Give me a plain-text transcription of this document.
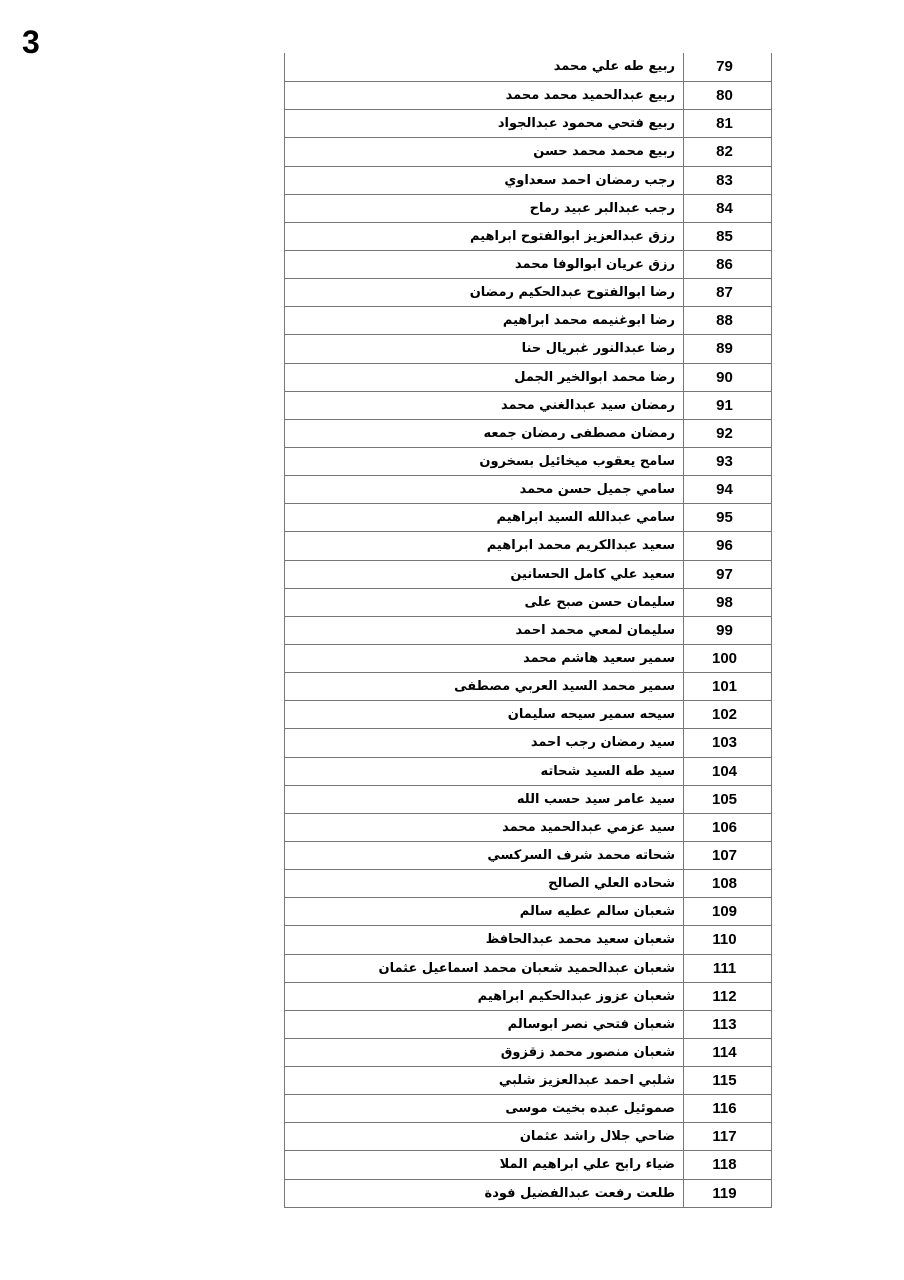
3
ربيع طه علي محمد	79
ربيع عبدالحميد محمد محمد	80
ربيع فتحي محمود عبدالجواد	81
ربيع محمد محمد حسن	82
رجب رمضان احمد سعداوي	83
رجب عبدالبر عبيد رماح	84
رزق عبدالعزيز ابوالفتوح ابراهيم	85
رزق عريان ابوالوفا محمد	86
رضا ابوالفتوح عبدالحكيم رمضان	87
رضا ابوغنيمه محمد ابراهيم	88
رضا عبدالنور غبريال حنا	89
رضا محمد ابوالخير الجمل	90
رمضان سيد عبدالغني محمد	91
رمضان مصطفى رمضان جمعه	92
سامح يعقوب ميخائيل بسخرون	93
سامي جميل حسن محمد	94
سامي عبدالله السيد ابراهيم	95
سعيد عبدالكريم محمد ابراهيم	96
سعيد علي كامل الحسانين	97
سليمان حسن صبح على	98
سليمان لمعي محمد احمد	99
سمير سعيد هاشم محمد	100
سمير محمد السيد العربي مصطفى	101
سيحه سمير سيحه سليمان	102
سيد رمضان رجب احمد	103
سيد طه السيد شحاته	104
سيد عامر سيد حسب الله	105
سيد عزمي عبدالحميد محمد	106
شحاته محمد شرف السركسي	107
شحاده العلي الصالح	108
شعبان سالم عطيه سالم	109
شعبان سعيد محمد عبدالحافظ	110
شعبان عبدالحميد شعبان محمد اسماعيل عثمان	111
شعبان عزوز عبدالحكيم ابراهيم	112
شعبان فتحي نصر ابوسالم	113
شعبان منصور محمد زقزوق	114
شلبي احمد عبدالعزيز شلبي	115
صموئيل عبده بخيت موسى	116
ضاحي جلال راشد عثمان	117
ضياء رابح علي ابراهيم الملا	118
طلعت رفعت عبدالفضيل فودة	119
